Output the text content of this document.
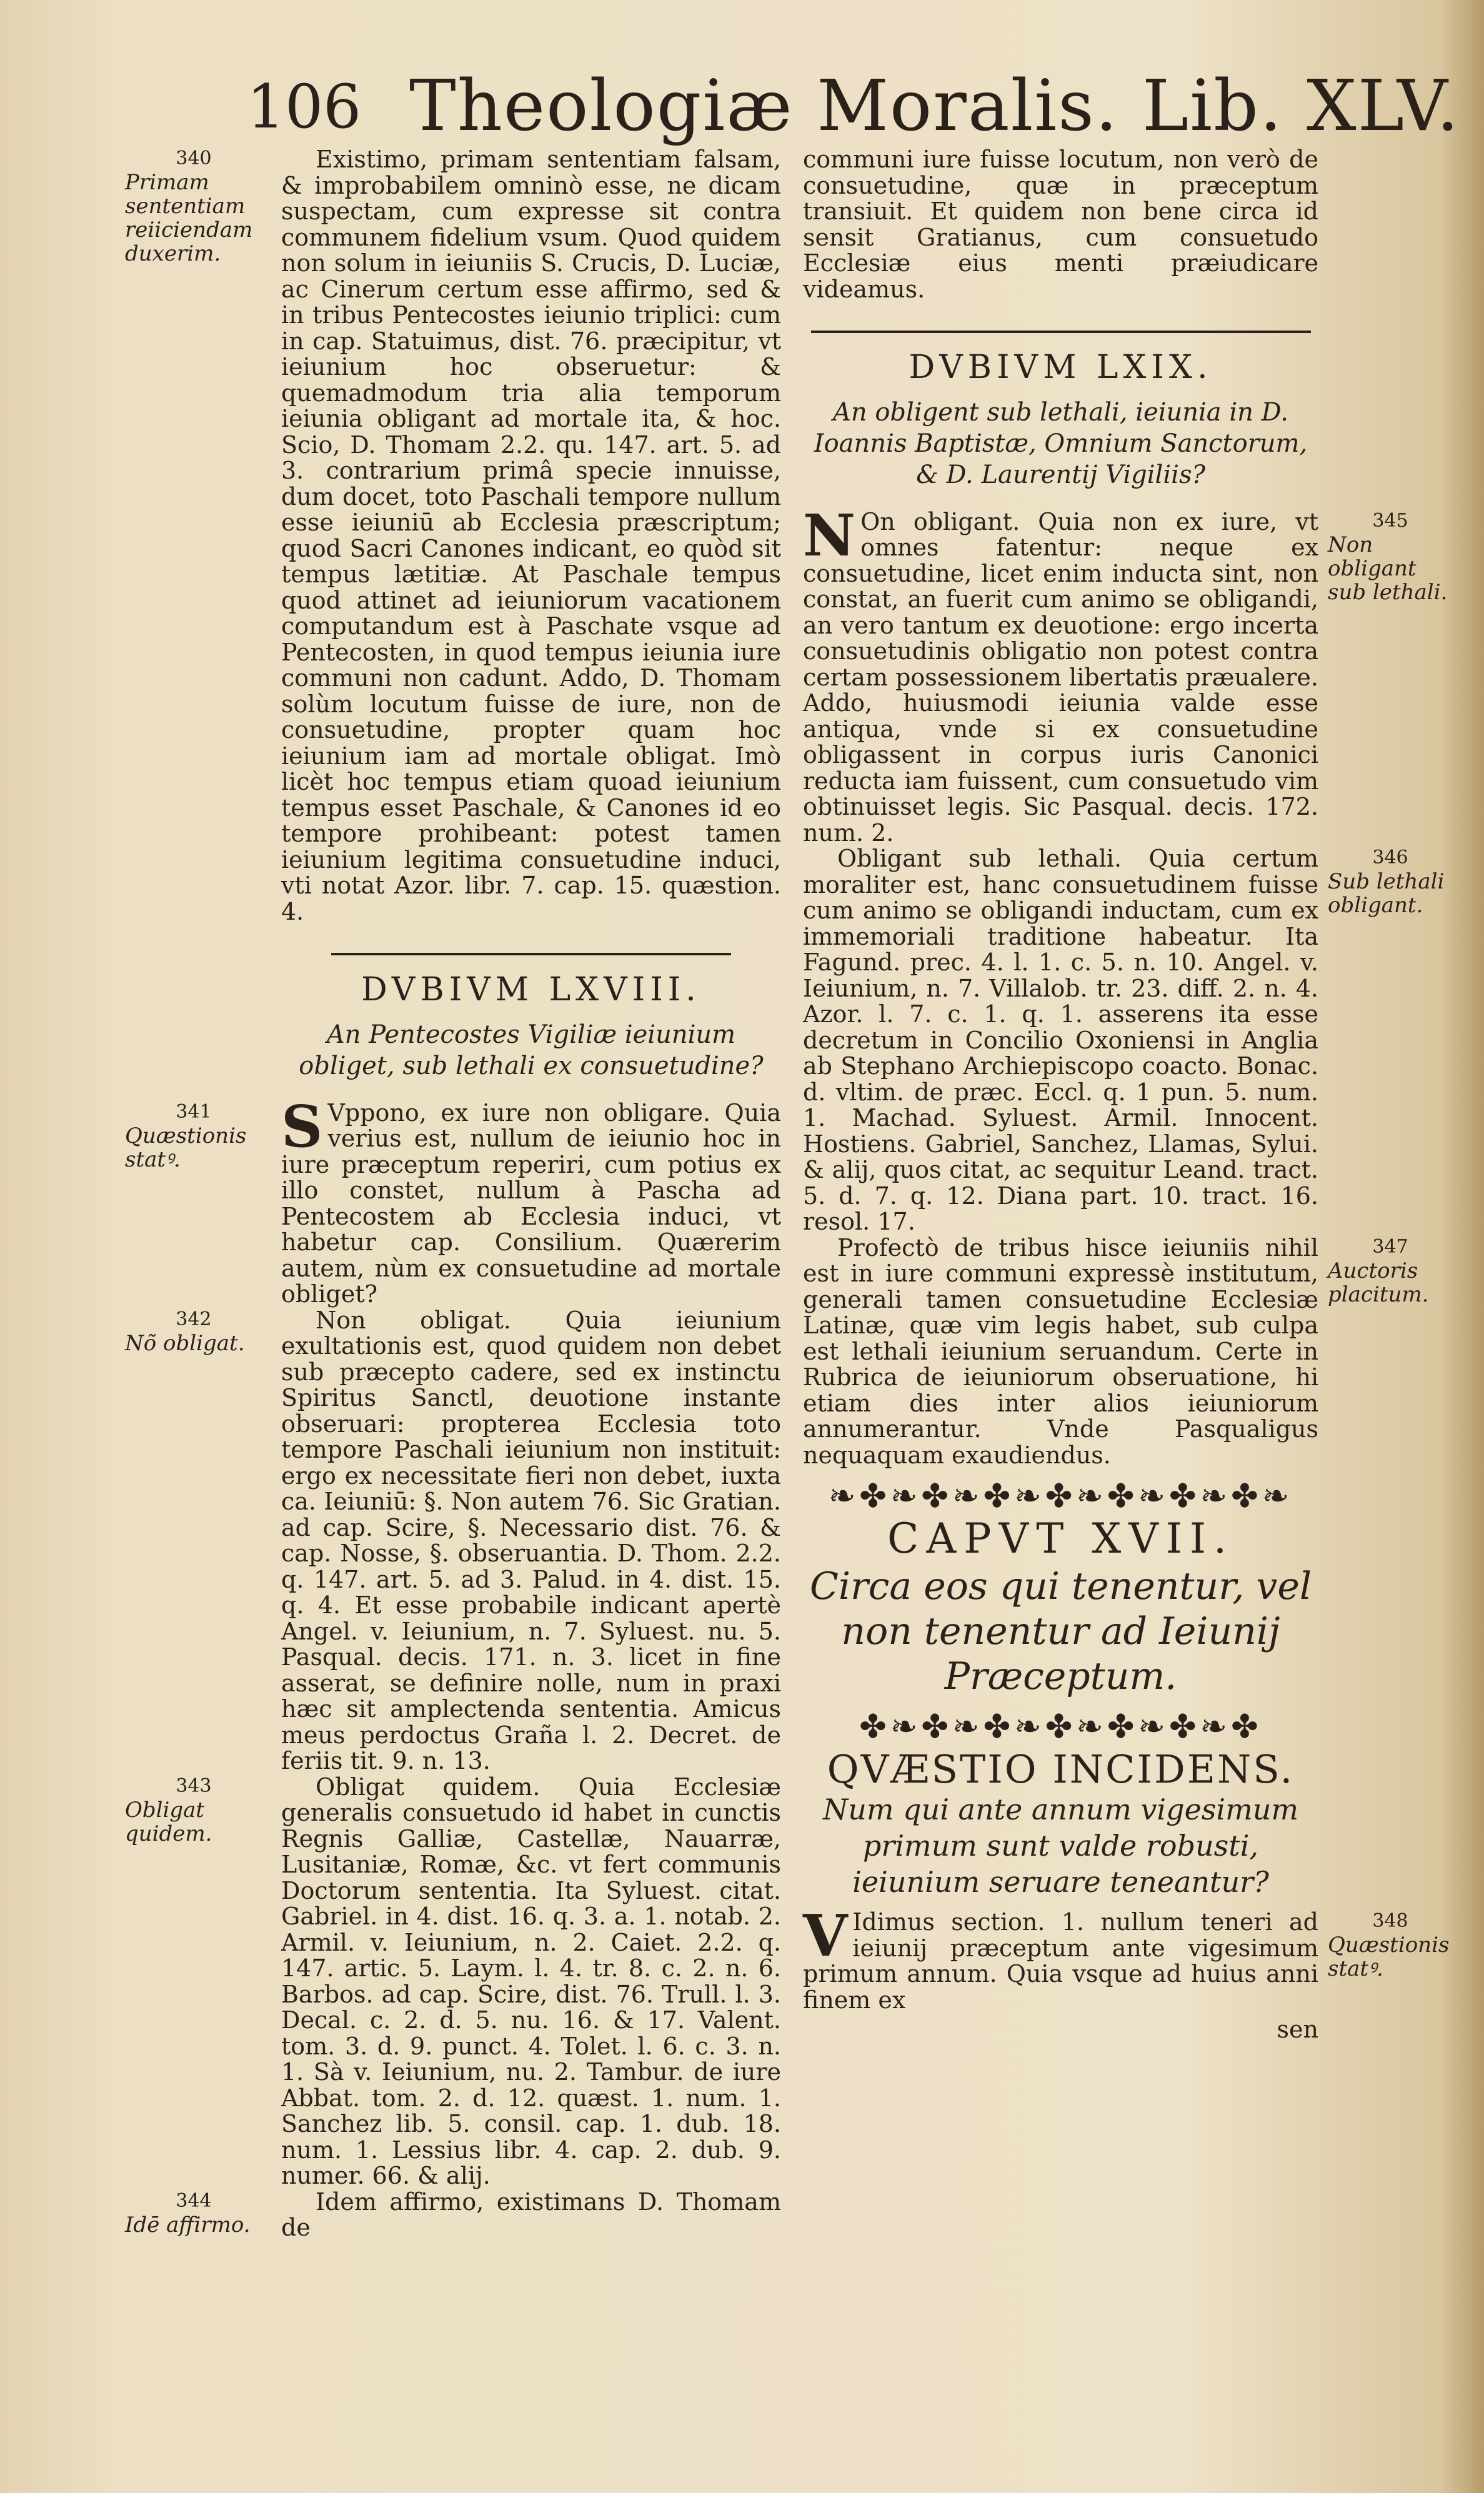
106 Theologiæ Moralis. Lib. XLV.
340
Primam sententiam reiiciendam duxerim.

Existimo, primam sententiam falsam, & improbabilem omninò esse, ne dicam suspectam, cum expresse sit contra communem fidelium vsum. Quod quidem non solum in ieiuniis S. Crucis, D. Luciæ, ac Cinerum certum esse affirmo, sed & in tribus Pentecostes ieiunio triplici: cum in cap. Statuimus, dist. 76. præcipitur, vt ieiunium hoc obseruetur: & quemadmodum tria alia temporum ieiunia obligant ad mortale ita, & hoc. Scio, D. Thomam 2.2. qu. 147. art. 5. ad 3. contrarium primâ specie innuisse, dum docet, toto Paschali tempore nullum esse ieiuniū ab Ecclesia præscriptum; quod Sacri Canones indicant, eo quòd sit tempus lætitiæ. At Paschale tempus quod attinet ad ieiuniorum vacationem computandum est à Paschate vsque ad Pentecosten, in quod tempus ieiunia iure communi non cadunt. Addo, D. Thomam solùm locutum fuisse de iure, non de consuetudine, propter quam hoc ieiunium iam ad mortale obligat. Imò licèt hoc tempus etiam quoad ieiunium tempus esset Paschale, & Canones id eo tempore prohibeant: potest tamen ieiunium legitima consuetudine induci, vti notat Azor. libr. 7. cap. 15. quæstion. 4.

DVBIVM LXVIII.
An Pentecostes Vigiliæ ieiunium obliget, sub lethali ex consuetudine?
341
Quæstionis statꝰ.	S Vppono, ex iure non obligare. Quia verius est, nullum de ieiunio hoc in iure præceptum reperiri, cum potius ex illo constet, nullum à Pascha ad Pentecostem ab Ecclesia induci, vt habetur cap. Consilium. Quærerim autem, nùm ex consuetudine ad mortale obliget?

342
Nõ obligat.

Non obligat. Quia ieiunium exultationis est, quod quidem non debet sub præcepto cadere, sed ex instinctu Spiritus Sanctl, deuotione instante obseruari: propterea Ecclesia toto tempore Paschali ieiunium non instituit: ergo ex necessitate fieri non debet, iuxta ca. Ieiuniū: §. Non autem 76. Sic Gratian. ad cap. Scire, §. Necessario dist. 76. & cap. Nosse, §. obseruantia. D. Thom. 2.2. q. 147. art. 5. ad 3. Palud. in 4. dist. 15. q. 4. Et esse probabile indicant apertè Angel. v. Ieiunium, n. 7. Syluest. nu. 5. Pasqual. decis. 171. n. 3. licet in fine asserat, se definire nolle, num in praxi hæc sit amplectenda sententia. Amicus meus perdoctus Graña l. 2. Decret. de feriis tit. 9. n. 13.

343
Obligat quidem.

Obligat quidem. Quia Ecclesiæ generalis consuetudo id habet in cunctis Regnis Galliæ, Castellæ, Nauarræ, Lusitaniæ, Romæ, &c. vt fert communis Doctorum sententia. Ita Syluest. citat. Gabriel. in 4. dist. 16. q. 3. a. 1. notab. 2. Armil. v. Ieiunium, n. 2. Caiet. 2.2. q. 147. artic. 5. Laym. l. 4. tr. 8. c. 2. n. 6. Barbos. ad cap. Scire, dist. 76. Trull. l. 3. Decal. c. 2. d. 5. nu. 16. & 17. Valent. tom. 3. d. 9. punct. 4. Tolet. l. 6. c. 3. n. 1. Sà v. Ieiunium, nu. 2. Tambur. de iure Abbat. tom. 2. d. 12. quæst. 1. num. 1. Sanchez lib. 5. consil. cap. 1. dub. 18. num. 1. Lessius libr. 4. cap. 2. dub. 9. numer. 66. & alij.

344
Idē affirmo.

Idem affirmo, existimans D. Thomam de

communi iure fuisse locutum, non verò de consuetudine, quæ in præceptum transiuit. Et quidem non bene circa id sensit Gratianus, cum consuetudo Ecclesiæ eius menti præiudicare videamus.

DVBIVM LXIX.
An obligent sub lethali, ieiunia in D. Ioannis Baptistæ, Omnium Sanctorum, & D. Laurentij Vigiliis?
345
Non obligant sub lethali.

N On obligant. Quia non ex iure, vt omnes fatentur: neque ex consuetudine, licet enim inducta sint, non constat, an fuerit cum animo se obligandi, an vero tantum ex deuotione: ergo incerta consuetudinis obligatio non potest contra certam possessionem libertatis præualere. Addo, huiusmodi ieiunia valde esse antiqua, vnde si ex consuetudine obligassent in corpus iuris Canonici reducta iam fuissent, cum consuetudo vim obtinuisset legis. Sic Pasqual. decis. 172. num. 2.

346
Sub lethali obligant.

Obligant sub lethali. Quia certum moraliter est, hanc consuetudinem fuisse cum animo se obligandi inductam, cum ex immemoriali traditione habeatur. Ita Fagund. prec. 4. l. 1. c. 5. n. 10. Angel. v. Ieiunium, n. 7. Villalob. tr. 23. diff. 2. n. 4. Azor. l. 7. c. 1. q. 1. asserens ita esse decretum in Concilio Oxoniensi in Anglia ab Stephano Archiepiscopo coacto. Bonac. d. vltim. de præc. Eccl. q. 1 pun. 5. num. 1. Machad. Syluest. Armil. Innocent. Hostiens. Gabriel, Sanchez, Llamas, Sylui. & alij, quos citat, ac sequitur Leand. tract. 5. d. 7. q. 12. Diana part. 10. tract. 16. resol. 17.

347
Auctoris placitum.

Profectò de tribus hisce ieiuniis nihil est in iure communi expressè institutum, generali tamen consuetudine Ecclesiæ Latinæ, quæ vim legis habet, sub culpa est lethali ieiunium seruandum. Certe in Rubrica de ieiuniorum obseruatione, hi etiam dies inter alios ieiuniorum annumerantur. Vnde Pasqualigus nequaquam exaudiendus.

❧✤❧✤❧✤❧✤❧✤❧✤❧✤❧
CAPVT XVII.
Circa eos qui tenentur, vel non tenentur ad Ieiunij Præceptum.
✤❧✤❧✤❧✤❧✤❧✤❧✤
QVÆSTIO INCIDENS.
Num qui ante annum vigesimum primum sunt valde robusti, ieiunium seruare teneantur?
348
Quæstionis statꝰ.

V Idimus section. 1. nullum teneri ad ieiunij præceptum ante vigesimum primum annum. Quia vsque ad huius anni finem ex

sen
